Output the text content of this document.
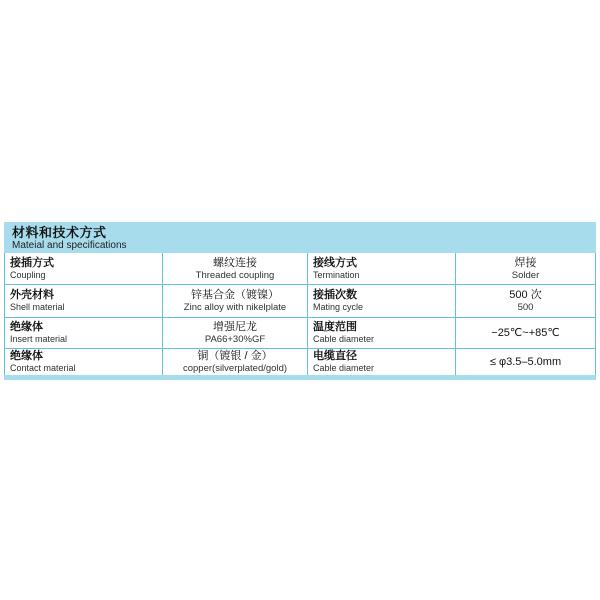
材料和技术方式
Mateial and specifications
接插方式
Coupling
螺纹连接
Threaded coupling
接线方式
Termination
焊接
Solder
外壳材料
Shell material
锌基合金（镀镍）
Zinc alloy with nikelplate
接插次数
Mating cycle
500 次
500
绝缘体
Insert material
增强尼龙
PA66+30%GF
温度范围
Cable diameter
−25℃~+85℃
绝缘体
Contact material
铜（镀银 / 金）
copper(silverplated/gold)
电缆直径
Cable diameter
≤ φ3.5–5.0mm
